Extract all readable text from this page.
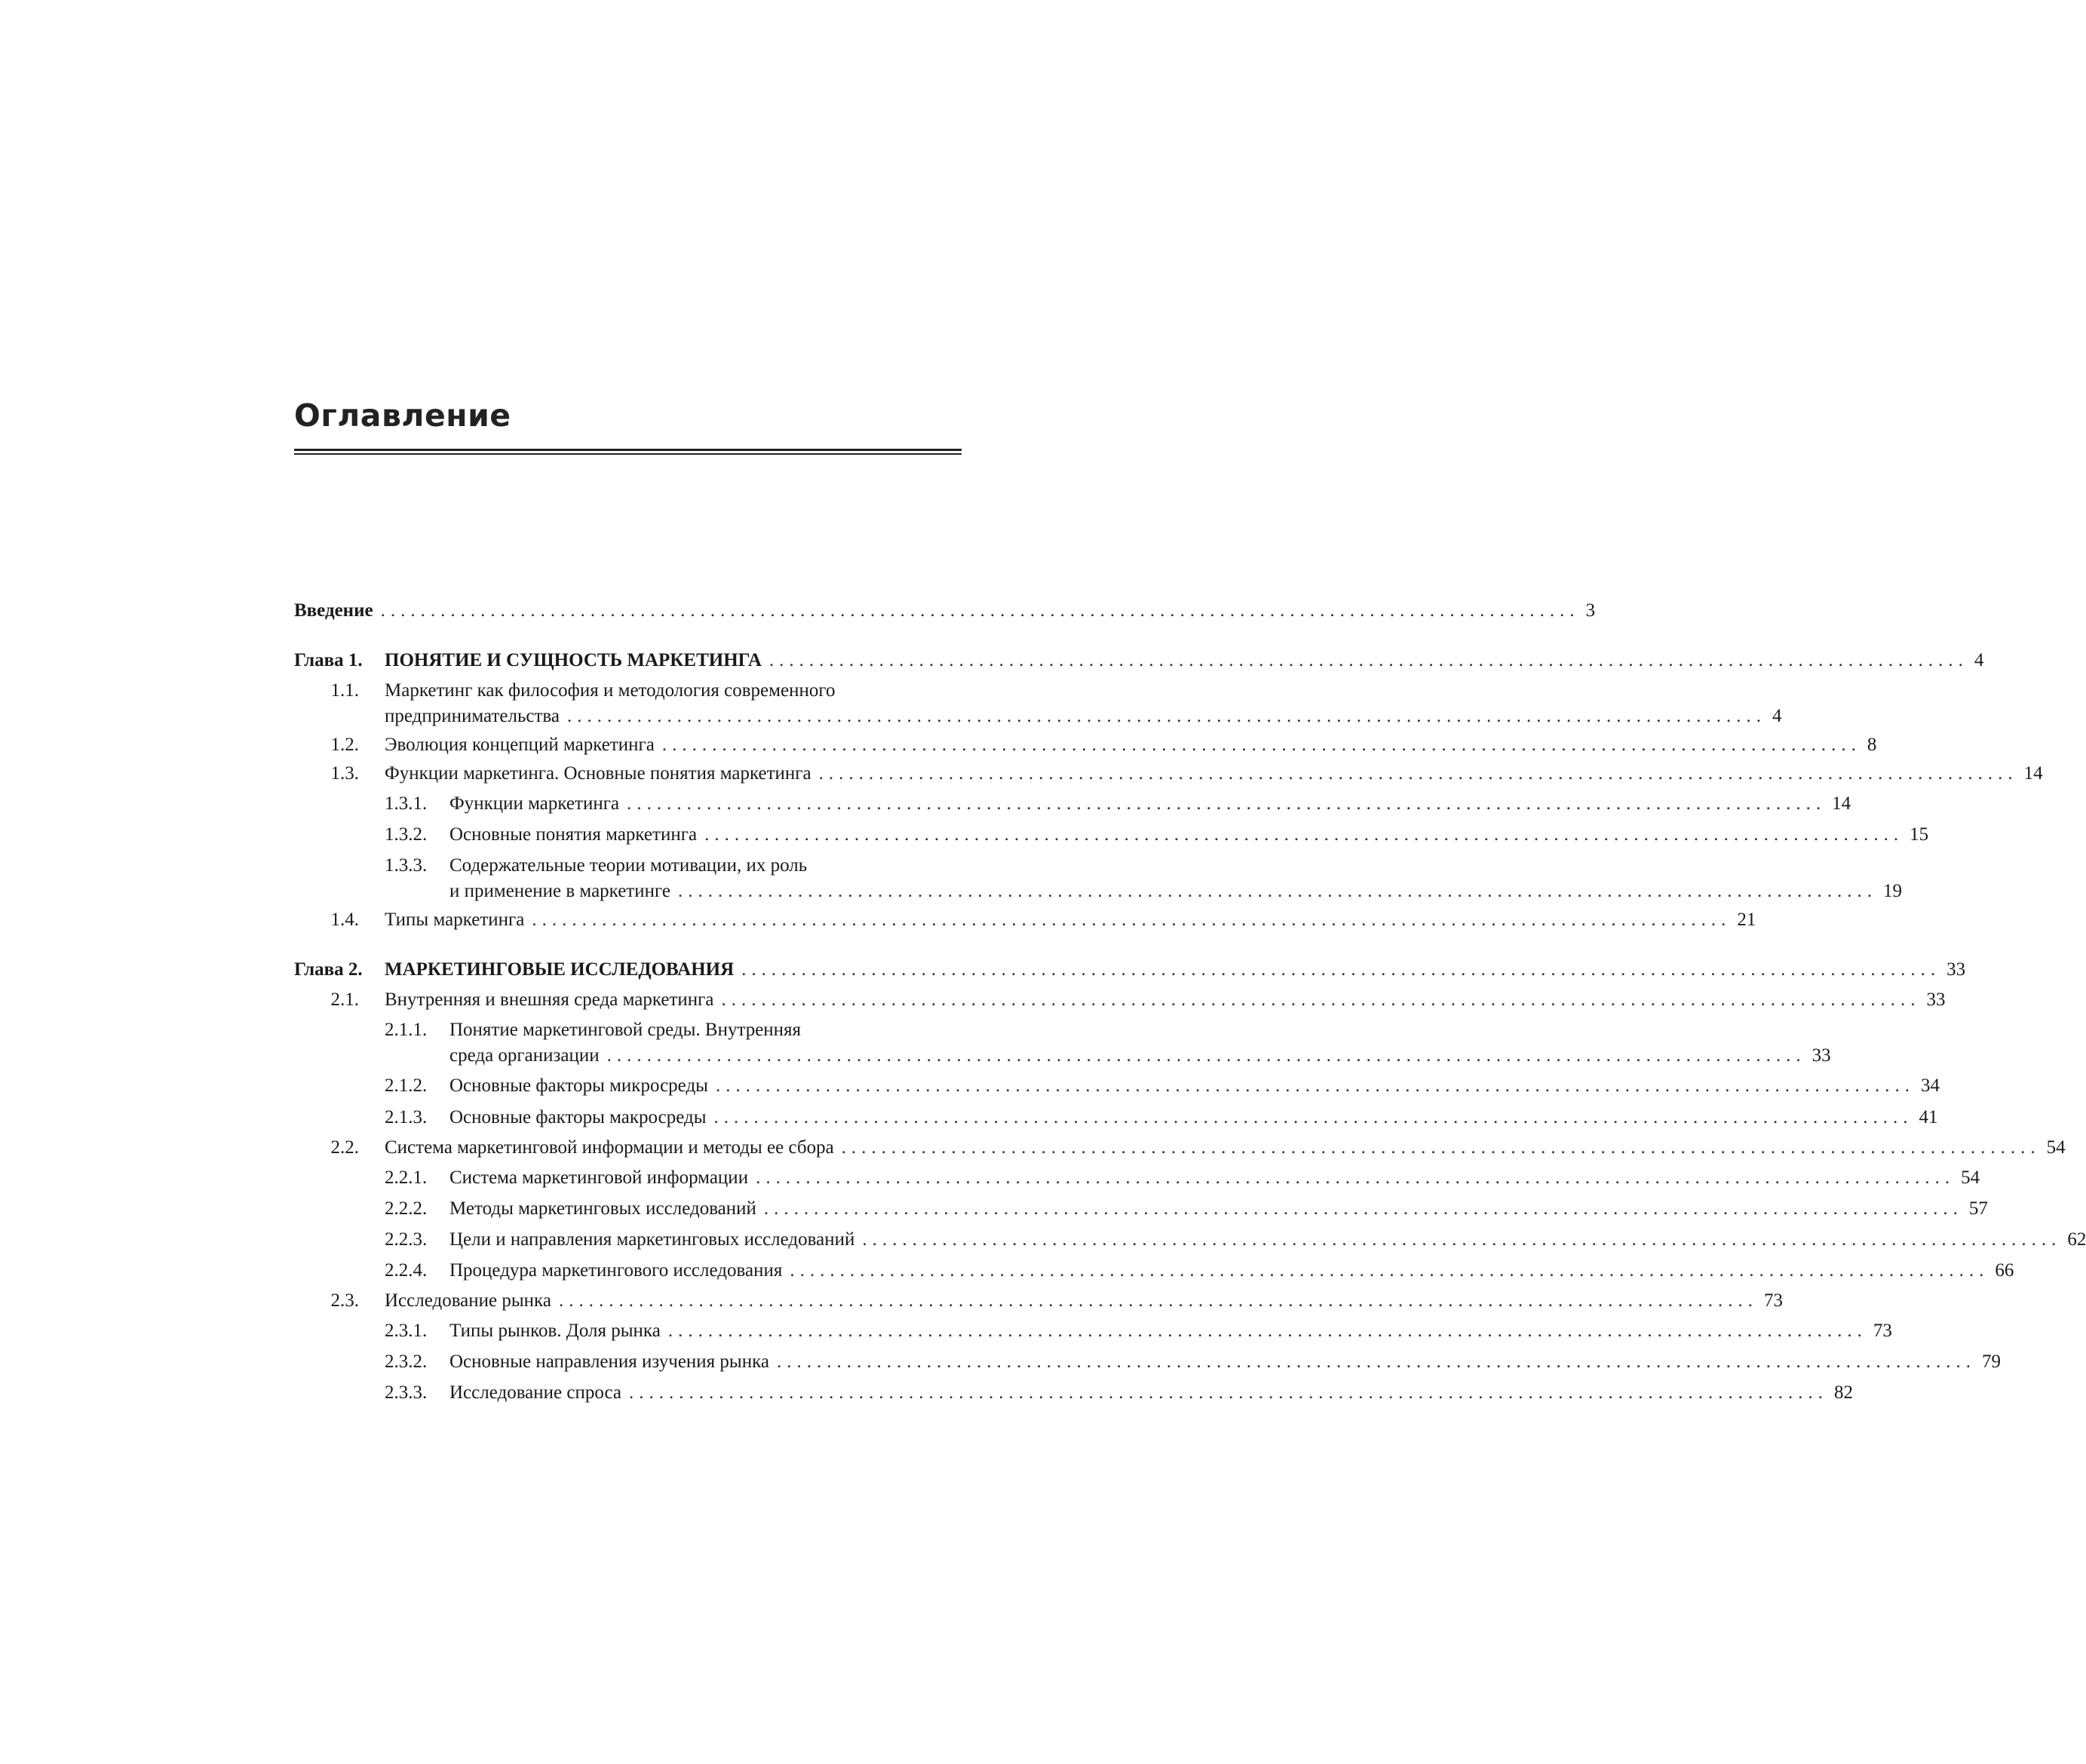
Оглавление
Введение ........................................................................................................................ 3
Глава 1. ПОНЯТИЕ И СУЩНОСТЬ МАРКЕТИНГА ........................................................................................................................ 4
1.1. Маркетинг как философия и методология современного
предпринимательства ........................................................................................................................ 4
1.2. Эволюция концепций маркетинга ........................................................................................................................ 8
1.3. Функции маркетинга. Основные понятия маркетинга ........................................................................................................................ 14
1.3.1. Функции маркетинга ........................................................................................................................ 14
1.3.2. Основные понятия маркетинга ........................................................................................................................ 15
1.3.3. Содержательные теории мотивации, их роль
и применение в маркетинге ........................................................................................................................ 19
1.4. Типы маркетинга ........................................................................................................................ 21
Глава 2. МАРКЕТИНГОВЫЕ ИССЛЕДОВАНИЯ ........................................................................................................................ 33
2.1. Внутренняя и внешняя среда маркетинга ........................................................................................................................ 33
2.1.1. Понятие маркетинговой среды. Внутренняя
среда организации ........................................................................................................................ 33
2.1.2. Основные факторы микросреды ........................................................................................................................ 34
2.1.3. Основные факторы макросреды ........................................................................................................................ 41
2.2. Система маркетинговой информации и методы ее сбора ........................................................................................................................ 54
2.2.1. Система маркетинговой информации ........................................................................................................................ 54
2.2.2. Методы маркетинговых исследований ........................................................................................................................ 57
2.2.3. Цели и направления маркетинговых исследований ........................................................................................................................ 62
2.2.4. Процедура маркетингового исследования ........................................................................................................................ 66
2.3. Исследование рынка ........................................................................................................................ 73
2.3.1. Типы рынков. Доля рынка ........................................................................................................................ 73
2.3.2. Основные направления изучения рынка ........................................................................................................................ 79
2.3.3. Исследование спроса ........................................................................................................................ 82
